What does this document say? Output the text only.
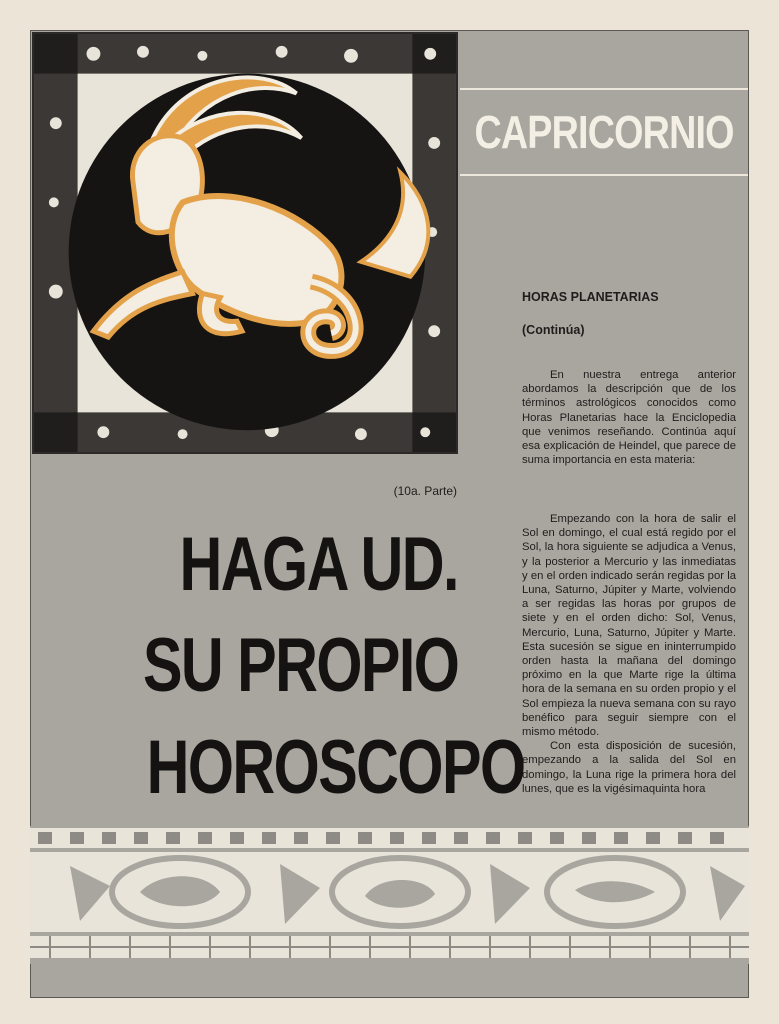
CAPRICORNIO
HORAS PLANETARIAS
(Continúa)

En nuestra entrega anterior abordamos la descripción que de los términos astrológicos conocidos como Horas Planetarias hace la Enciclopedia que venimos reseñando. Continúa aquí esa explicación de Heindel, que parece de suma importancia en esta materia:

(10a. Parte)

Empezando con la hora de salir el Sol en domingo, el cual está regido por el Sol, la hora siguiente se adjudica a Venus, y la posterior a Mercurio y las inmediatas y en el orden indicado serán regidas por la Luna, Saturno, Júpiter y Marte, volviendo a ser regidas las horas por grupos de siete y en el orden dicho: Sol, Venus, Mercurio, Luna, Saturno, Júpiter y Marte. Esta sucesión se sigue en ininterrumpido orden hasta la mañana del domingo próximo en la que Marte rige la última hora de la semana en su orden propio y el Sol empieza la nueva semana con su rayo benéfico para seguir siempre con el mismo método.

Con esta disposición de sucesión, empezando a la salida del Sol en domingo, la Luna rige la primera hora del lunes, que es la vigésimaquinta hora

HAGA UD.
SU PROPIO
HOROSCOPO
